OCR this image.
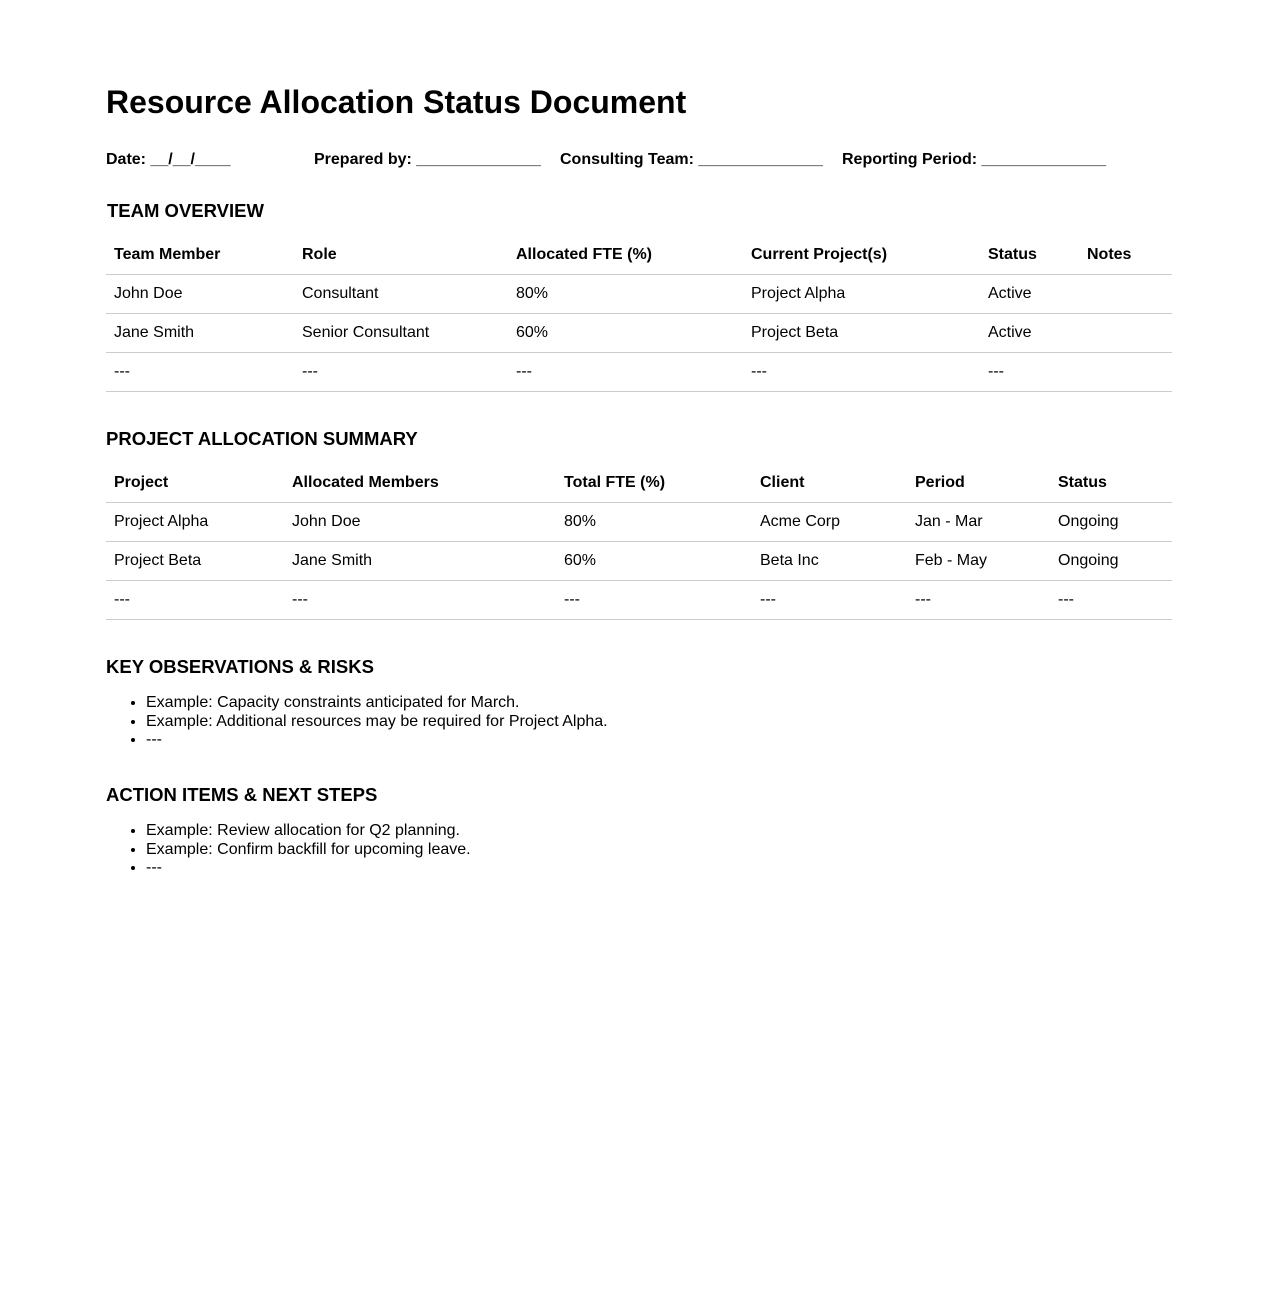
Resource Allocation Status Document
Date: __/__/____	Prepared by: ______________ Consulting Team: ______________ Reporting Period: ______________
TEAM OVERVIEW
Team Member	Role	Allocated FTE (%)	Current Project(s)	Status	Notes
John Doe	Consultant	80%	Project Alpha	Active	
Jane Smith	Senior Consultant	60%	Project Beta	Active	
---	---	---	---	---	
PROJECT ALLOCATION SUMMARY
Project	Allocated Members	Total FTE (%)	Client	Period	Status
Project Alpha	John Doe	80%	Acme Corp	Jan - Mar	Ongoing
Project Beta	Jane Smith	60%	Beta Inc	Feb - May	Ongoing
---	---	---	---	---	---
KEY OBSERVATIONS & RISKS
• Example: Capacity constraints anticipated for March.
• Example: Additional resources may be required for Project Alpha.
• ---
ACTION ITEMS & NEXT STEPS
• Example: Review allocation for Q2 planning.
• Example: Confirm backfill for upcoming leave.
• ---
